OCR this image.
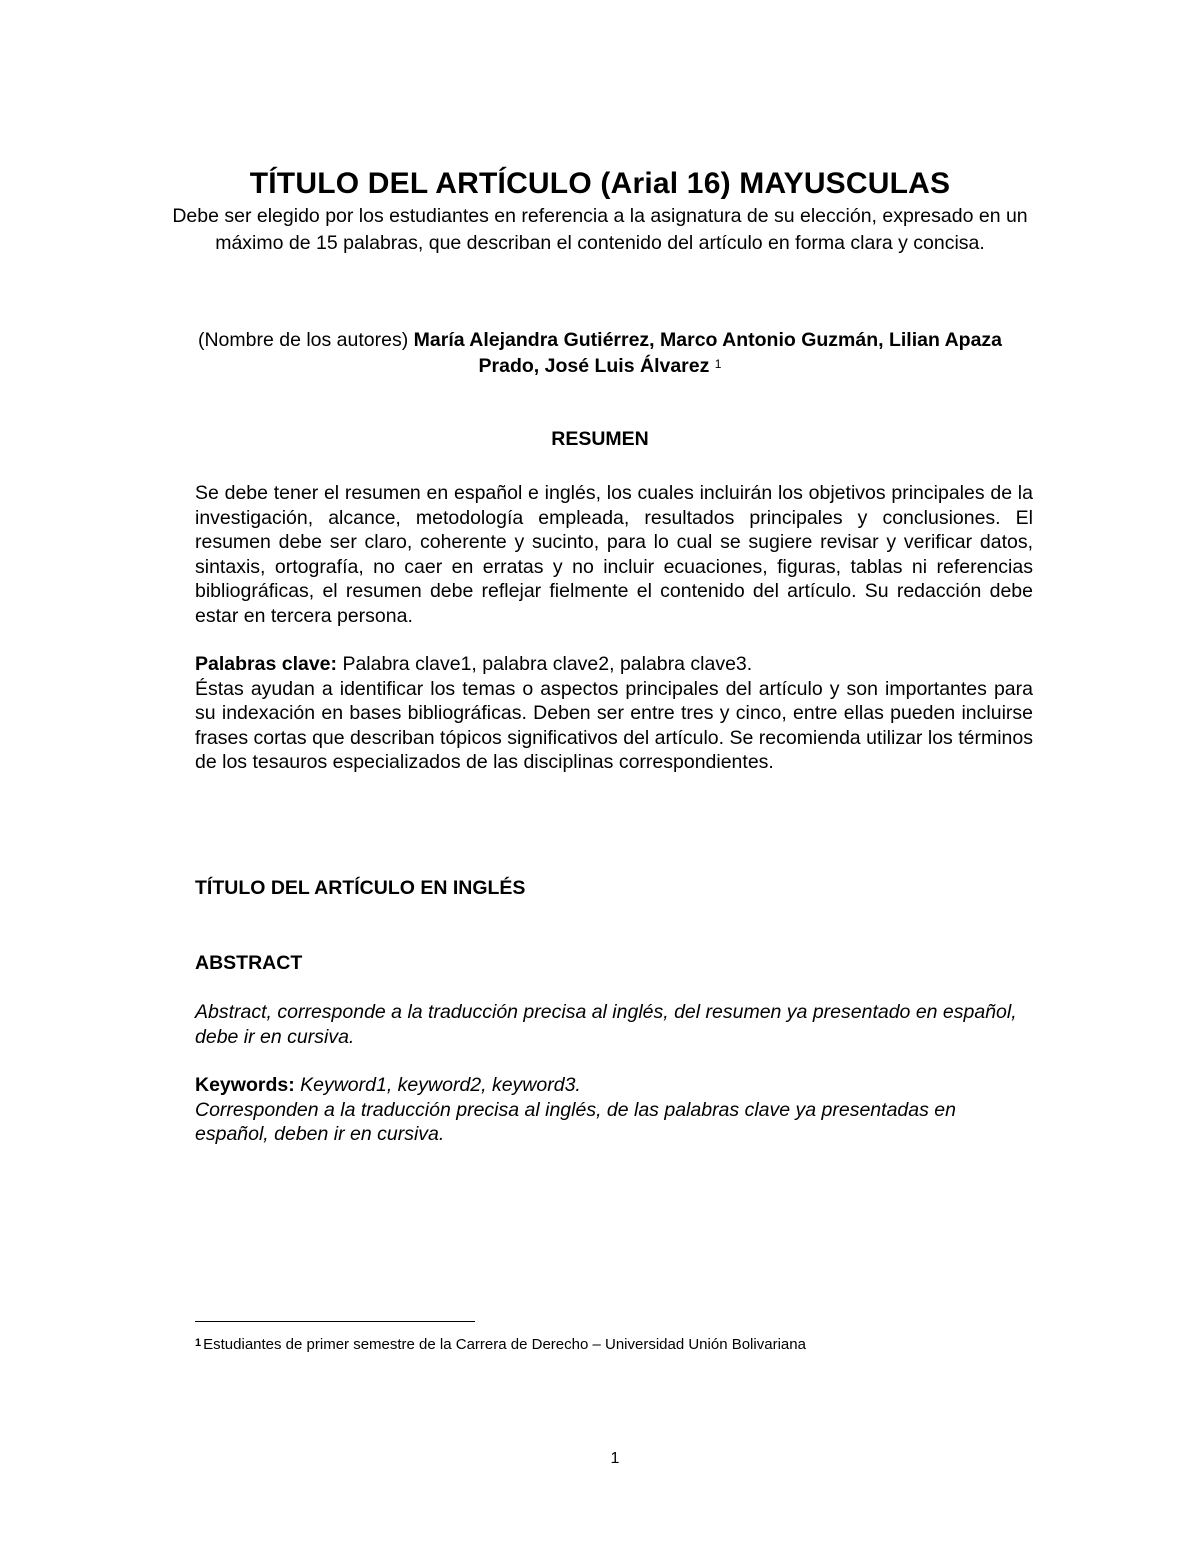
TÍTULO DEL ARTÍCULO (Arial 16) MAYUSCULAS
Debe ser elegido por los estudiantes en referencia a la asignatura de su elección, expresado en un máximo de 15 palabras, que describan el contenido del artículo en forma clara y concisa.
(Nombre de los autores) María Alejandra Gutiérrez, Marco Antonio Guzmán, Lilian Apaza Prado, José Luis Álvarez $^1$
RESUMEN
Se debe tener el resumen en español e inglés, los cuales incluirán los objetivos principales de la investigación, alcance, metodología empleada, resultados principales y conclusiones. El resumen debe ser claro, coherente y sucinto, para lo cual se sugiere revisar y verificar datos, sintaxis, ortografía, no caer en erratas y no incluir ecuaciones, figuras, tablas ni referencias bibliográficas, el resumen debe reflejar fielmente el contenido del artículo. Su redacción debe estar en tercera persona.
Palabras clave: Palabra clave1, palabra clave2, palabra clave3.
Éstas ayudan a identificar los temas o aspectos principales del artículo y son importantes para su indexación en bases bibliográficas. Deben ser entre tres y cinco, entre ellas pueden incluirse frases cortas que describan tópicos significativos del artículo. Se recomienda utilizar los términos de los tesauros especializados de las disciplinas correspondientes.
TÍTULO DEL ARTÍCULO EN INGLÉS
ABSTRACT
Abstract, corresponde a la traducción precisa al inglés, del resumen ya presentado en español, debe ir en cursiva.
Keywords: Keyword1, keyword2, keyword3.
Corresponden a la traducción precisa al inglés, de las palabras clave ya presentadas en español, deben ir en cursiva.
$^1$ Estudiantes de primer semestre de la Carrera de Derecho – Universidad Unión Bolivariana
1
